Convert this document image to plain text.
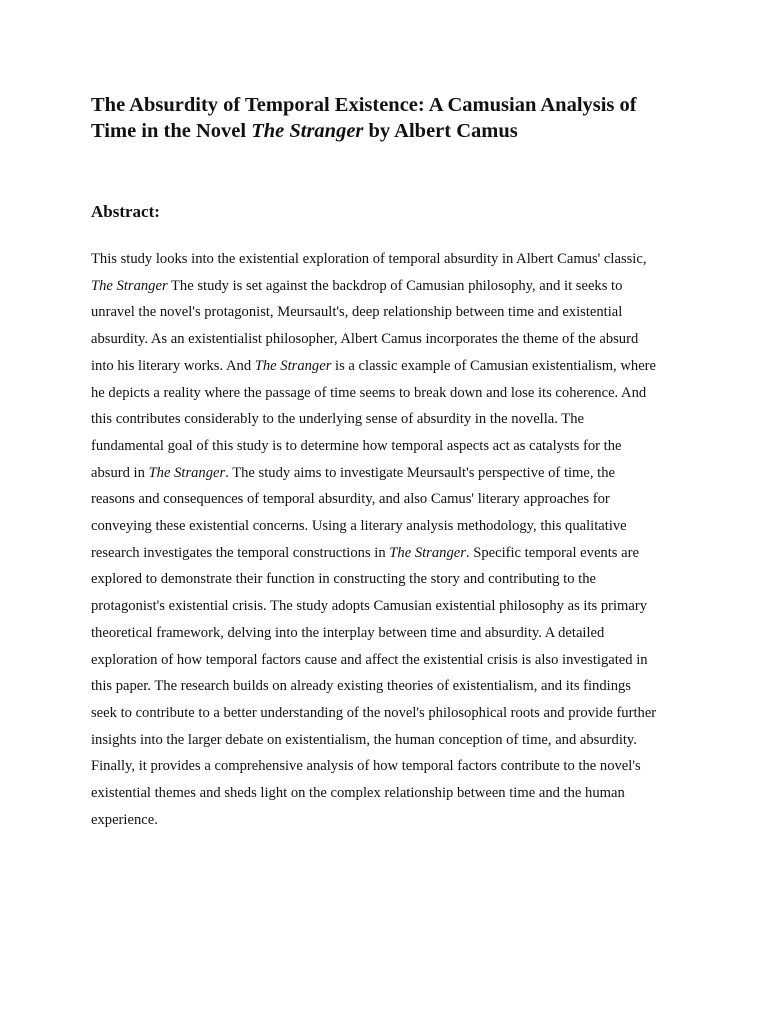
The Absurdity of Temporal Existence: A Camusian Analysis of
Time in the Novel The Stranger by Albert Camus
Abstract:
This study looks into the existential exploration of temporal absurdity in Albert Camus' classic,
The Stranger The study is set against the backdrop of Camusian philosophy, and it seeks to
unravel the novel's protagonist, Meursault's, deep relationship between time and existential
absurdity. As an existentialist philosopher, Albert Camus incorporates the theme of the absurd
into his literary works. And The Stranger is a classic example of Camusian existentialism, where
he depicts a reality where the passage of time seems to break down and lose its coherence. And
this contributes considerably to the underlying sense of absurdity in the novella. The
fundamental goal of this study is to determine how temporal aspects act as catalysts for the
absurd in The Stranger. The study aims to investigate Meursault's perspective of time, the
reasons and consequences of temporal absurdity, and also Camus' literary approaches for
conveying these existential concerns. Using a literary analysis methodology, this qualitative
research investigates the temporal constructions in The Stranger. Specific temporal events are
explored to demonstrate their function in constructing the story and contributing to the
protagonist's existential crisis. The study adopts Camusian existential philosophy as its primary
theoretical framework, delving into the interplay between time and absurdity. A detailed
exploration of how temporal factors cause and affect the existential crisis is also investigated in
this paper. The research builds on already existing theories of existentialism, and its findings
seek to contribute to a better understanding of the novel's philosophical roots and provide further
insights into the larger debate on existentialism, the human conception of time, and absurdity.
Finally, it provides a comprehensive analysis of how temporal factors contribute to the novel's
existential themes and sheds light on the complex relationship between time and the human
experience.
